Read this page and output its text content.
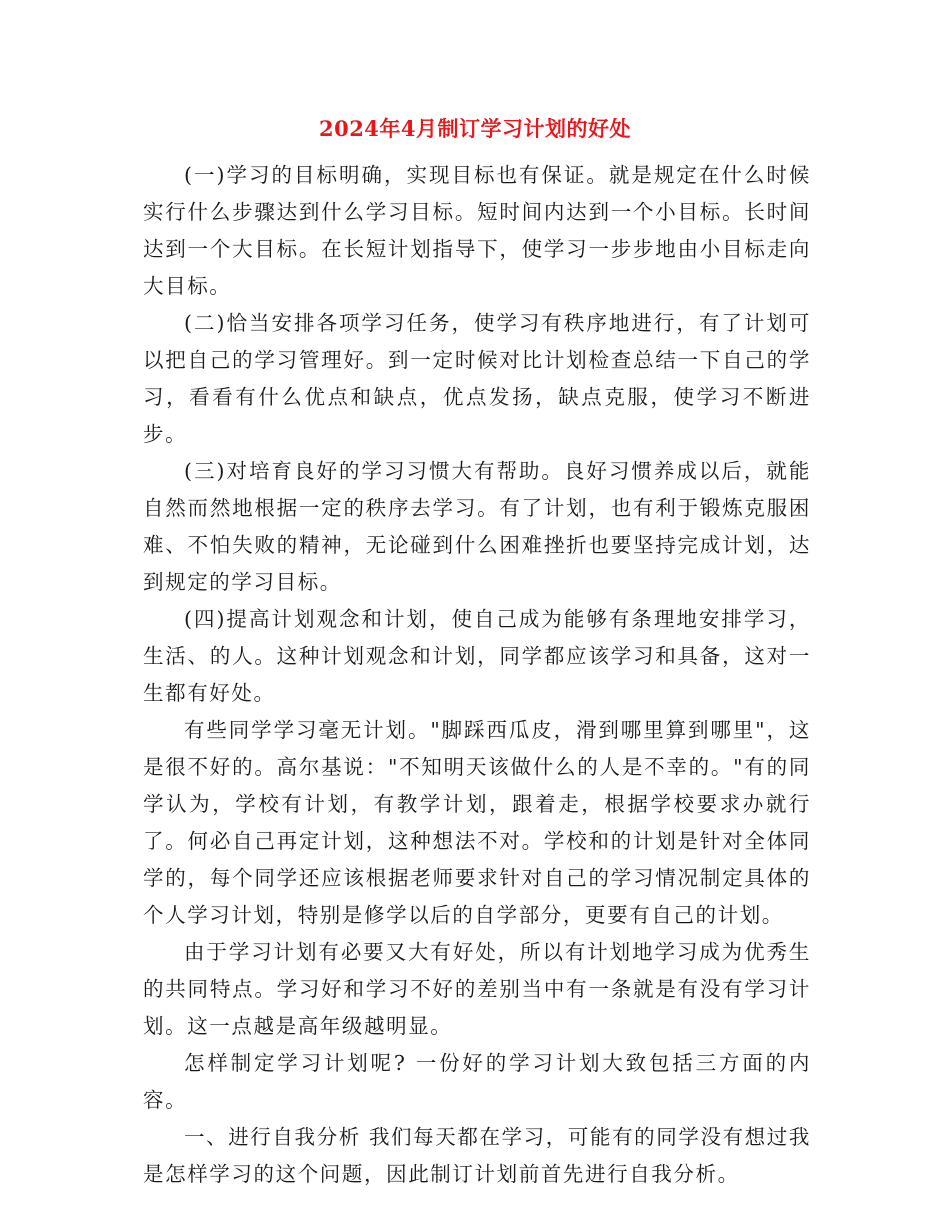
2024年4月制订学习计划的好处

(一)学习的目标明确，实现目标也有保证。就是规定在什么时候实行什么步骤达到什么学习目标。短时间内达到一个小目标。长时间达到一个大目标。在长短计划指导下，使学习一步步地由小目标走向大目标。

(二)恰当安排各项学习任务，使学习有秩序地进行，有了计划可以把自己的学习管理好。到一定时候对比计划检查总结一下自己的学习，看看有什么优点和缺点，优点发扬，缺点克服，使学习不断进步。

(三)对培育良好的学习习惯大有帮助。良好习惯养成以后，就能自然而然地根据一定的秩序去学习。有了计划，也有利于锻炼克服困难、不怕失败的精神，无论碰到什么困难挫折也要坚持完成计划，达到规定的学习目标。

(四)提高计划观念和计划，使自己成为能够有条理地安排学习，生活、的人。这种计划观念和计划，同学都应该学习和具备，这对一生都有好处。

有些同学学习毫无计划。"脚踩西瓜皮，滑到哪里算到哪里"，这是很不好的。高尔基说："不知明天该做什么的人是不幸的。"有的同学认为，学校有计划，有教学计划，跟着走，根据学校要求办就行了。何必自己再定计划，这种想法不对。学校和的计划是针对全体同学的，每个同学还应该根据老师要求针对自己的学习情况制定具体的个人学习计划，特别是修学以后的自学部分，更要有自己的计划。

由于学习计划有必要又大有好处，所以有计划地学习成为优秀生的共同特点。学习好和学习不好的差别当中有一条就是有没有学习计划。这一点越是高年级越明显。

怎样制定学习计划呢? 一份好的学习计划大致包括三方面的内容。

一、进行自我分析 我们每天都在学习，可能有的同学没有想过我是怎样学习的这个问题，因此制订计划前首先进行自我分析。
